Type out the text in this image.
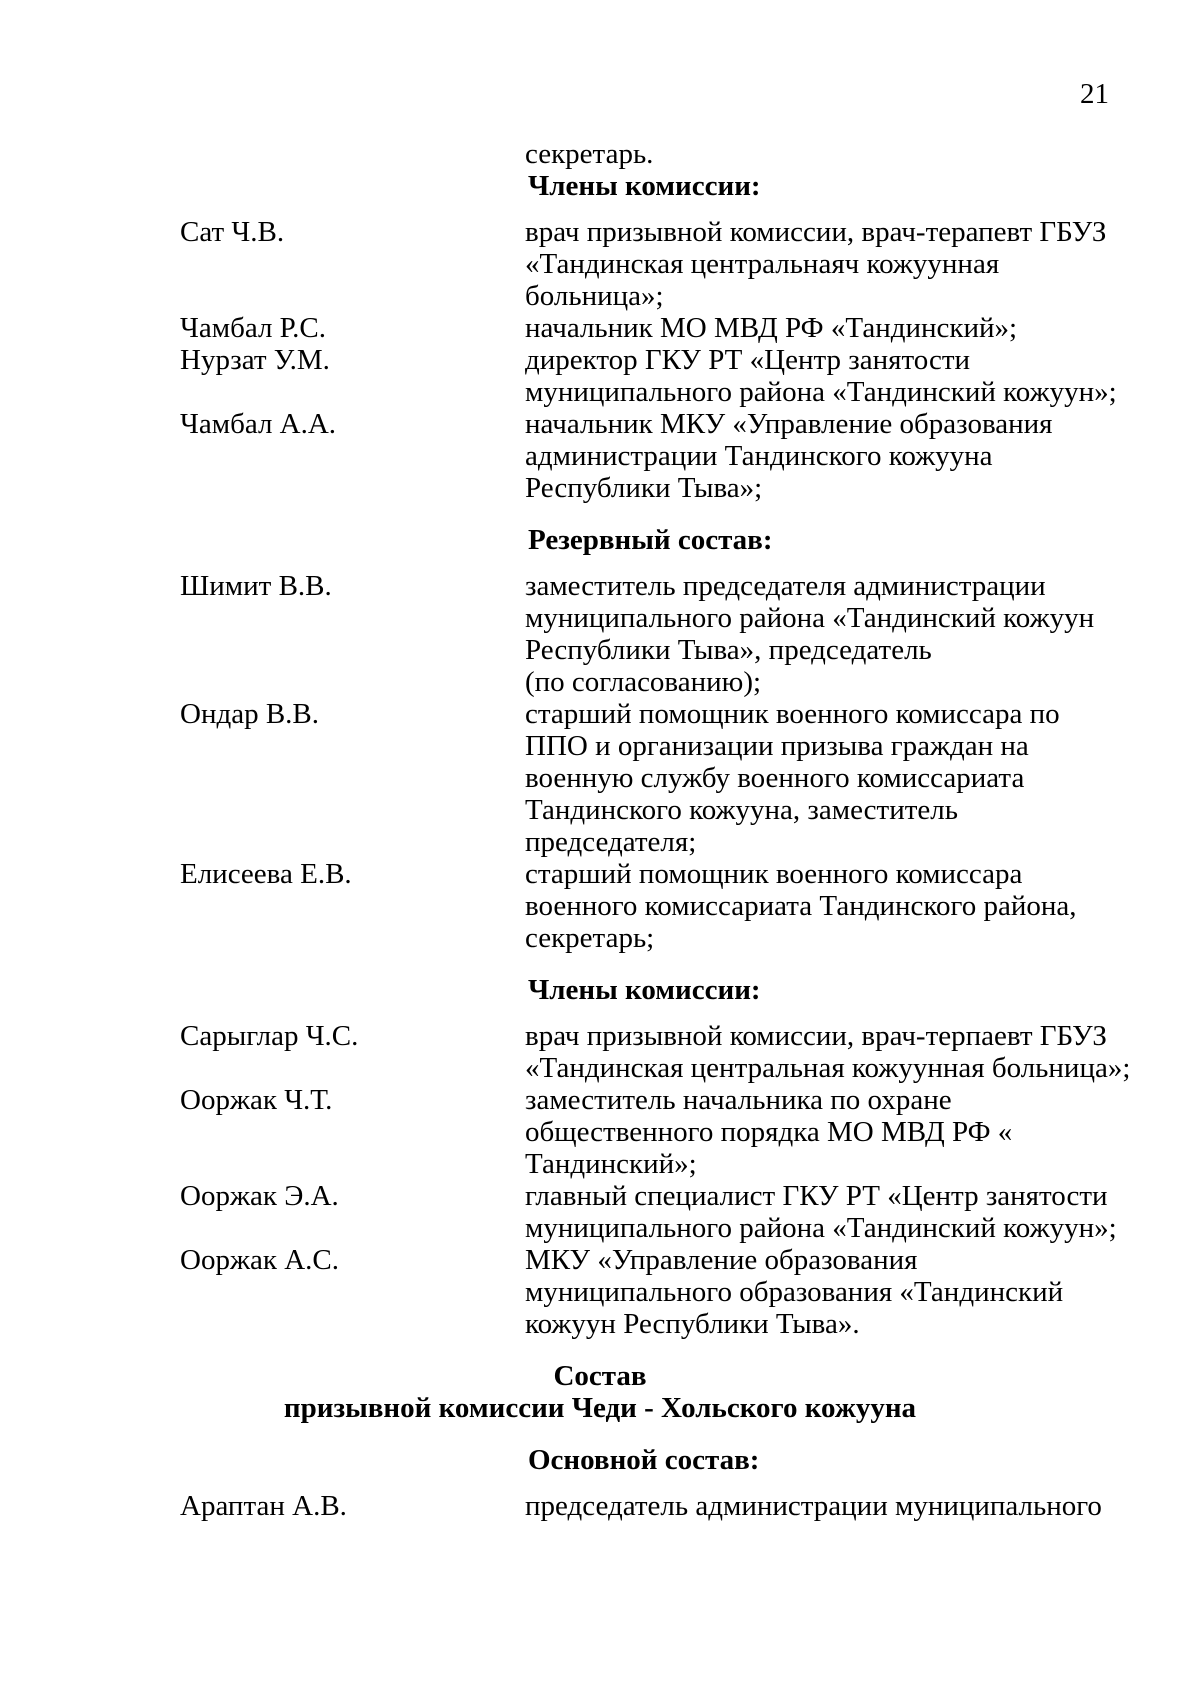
21
секретарь.
Члены комиссии:
Сат Ч.В.	врач призывной комиссии, врач-терапевт ГБУЗ
«Тандинская центральнаяч кожуунная
больница»;
Чамбал Р.С.	начальник МО МВД РФ «Тандинский»;
Нурзат У.М.	директор ГКУ РТ «Центр занятости
муниципального района «Тандинский кожуун»;
Чамбал А.А.	начальник МКУ «Управление образования
администрации Тандинского кожууна
Республики Тыва»;
Резервный состав:
Шимит В.В.	заместитель председателя администрации
муниципального района «Тандинский кожуун
Республики Тыва», председатель
(по согласованию);
Ондар В.В.	старший помощник военного комиссара по
ППО и организации призыва граждан на
военную службу военного комиссариата
Тандинского кожууна, заместитель
председателя;
Елисеева Е.В.	старший помощник военного комиссара
военного комиссариата Тандинского района,
секретарь;
Члены комиссии:
Сарыглар Ч.С.	врач призывной комиссии, врач-терпаевт ГБУЗ
«Тандинская центральная кожуунная больница»;
Ооржак Ч.Т.	заместитель начальника по охране
общественного порядка МО МВД РФ «
Тандинский»;
Ооржак Э.А.	главный специалист ГКУ РТ «Центр занятости
муниципального района «Тандинский кожуун»;
Ооржак А.С.	МКУ «Управление образования
муниципального образования «Тандинский
кожуун Республики Тыва».
Состав
призывной комиссии Чеди - Хольского кожууна
Основной состав:
Араптан А.В.	председатель администрации муниципального
